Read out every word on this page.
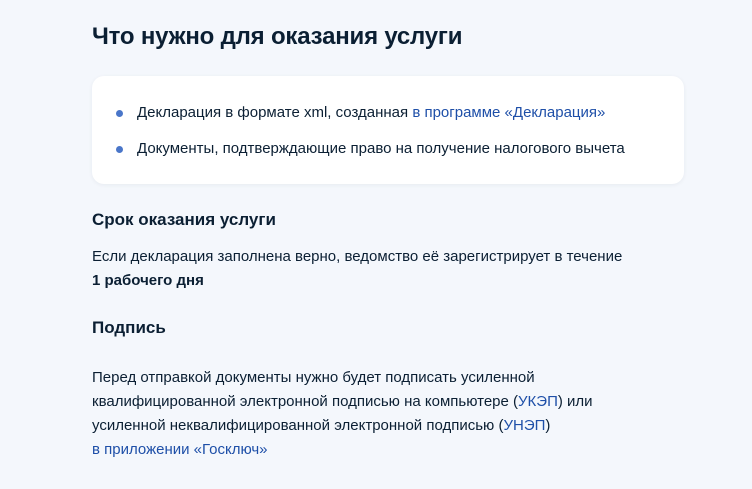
Что нужно для оказания услуги
Декларация в формате xml, созданная в программе «Декларация»
Документы, подтверждающие право на получение налогового вычета
Срок оказания услуги
Если декларация заполнена верно, ведомство её зарегистрирует в течение
1 рабочего дня
Подпись
Перед отправкой документы нужно будет подписать усиленной
квалифицированной электронной подписью на компьютере (УКЭП) или
усиленной неквалифицированной электронной подписью (УНЭП)
в приложении «Госключ»
